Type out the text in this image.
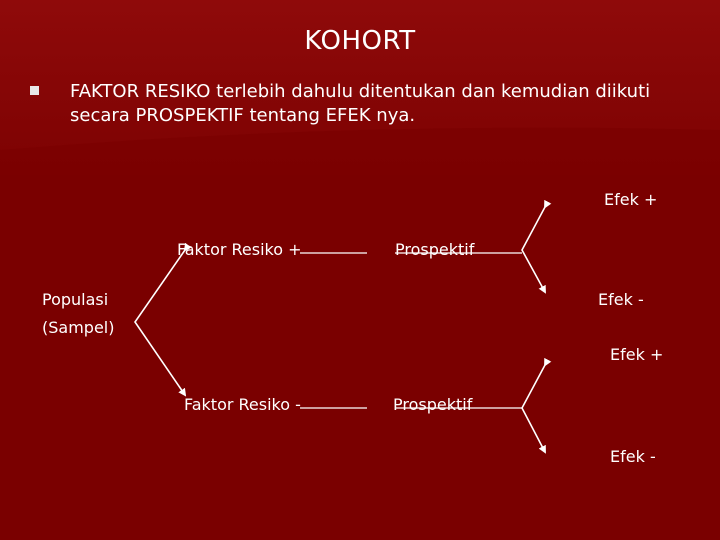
KOHORT
FAKTOR RESIKO terlebih dahulu ditentukan dan kemudian diikuti secara PROSPEKTIF tentang EFEK nya.
Populasi
(Sampel)
Faktor Resiko +
Faktor Resiko -
Prospektif
Prospektif
Efek +
Efek -
Efek +
Efek -
